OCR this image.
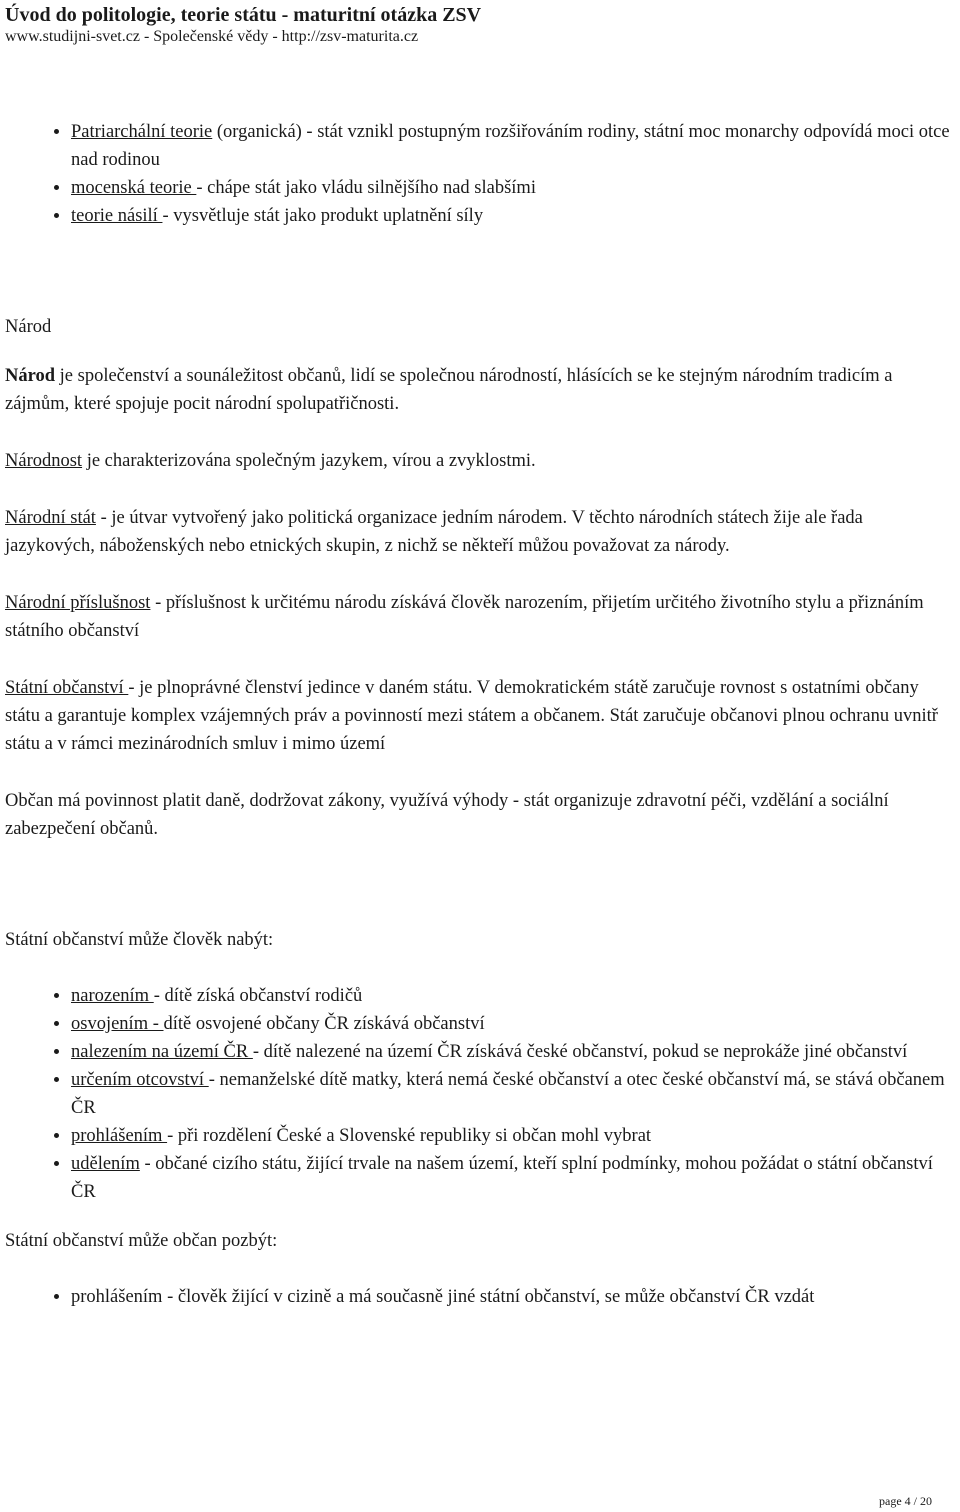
Úvod do politologie, teorie státu - maturitní otázka ZSV
www.studijni-svet.cz - Společenské vědy - http://zsv-maturita.cz
• Patriarchální teorie (organická) - stát vznikl postupným rozšiřováním rodiny, státní moc monarchy odpovídá moci otce nad rodinou
• mocenská teorie - chápe stát jako vládu silnějšího nad slabšími
• teorie násilí - vysvětluje stát jako produkt uplatnění síly

Národ

Národ je společenství a sounáležitost občanů, lidí se společnou národností, hlásících se ke stejným národním tradicím a zájmům, které spojuje pocit národní spolupatřičnosti.

Národnost je charakterizována společným jazykem, vírou a zvyklostmi.

Národní stát - je útvar vytvořený jako politická organizace jedním národem. V těchto národních státech žije ale řada jazykových, náboženských nebo etnických skupin, z nichž se někteří můžou považovat za národy.

Národní příslušnost - příslušnost k určitému národu získává člověk narozením, přijetím určitého životního stylu a přiznáním státního občanství

Státní občanství - je plnoprávné členství jedince v daném státu. V demokratickém státě zaručuje rovnost s ostatními občany státu a garantuje komplex vzájemných práv a povinností mezi státem a občanem. Stát zaručuje občanovi plnou ochranu uvnitř státu a v rámci mezinárodních smluv i mimo území

Občan má povinnost platit daně, dodržovat zákony, využívá výhody - stát organizuje zdravotní péči, vzdělání a sociální zabezpečení občanů.

Státní občanství může člověk nabýt:

• narozením - dítě získá občanství rodičů
• osvojením - dítě osvojené občany ČR získává občanství
• nalezením na území ČR - dítě nalezené na území ČR získává české občanství, pokud se neprokáže jiné občanství
• určením otcovství - nemanželské dítě matky, která nemá české občanství a otec české občanství má, se stává občanem ČR
• prohlášením - při rozdělení České a Slovenské republiky si občan mohl vybrat
• udělením - občané cizího státu, žijící trvale na našem území, kteří splní podmínky, mohou požádat o státní občanství ČR

Státní občanství může občan pozbýt:

• prohlášením - člověk žijící v cizině a má současně jiné státní občanství, se může občanství ČR vzdát
page 4 / 20
